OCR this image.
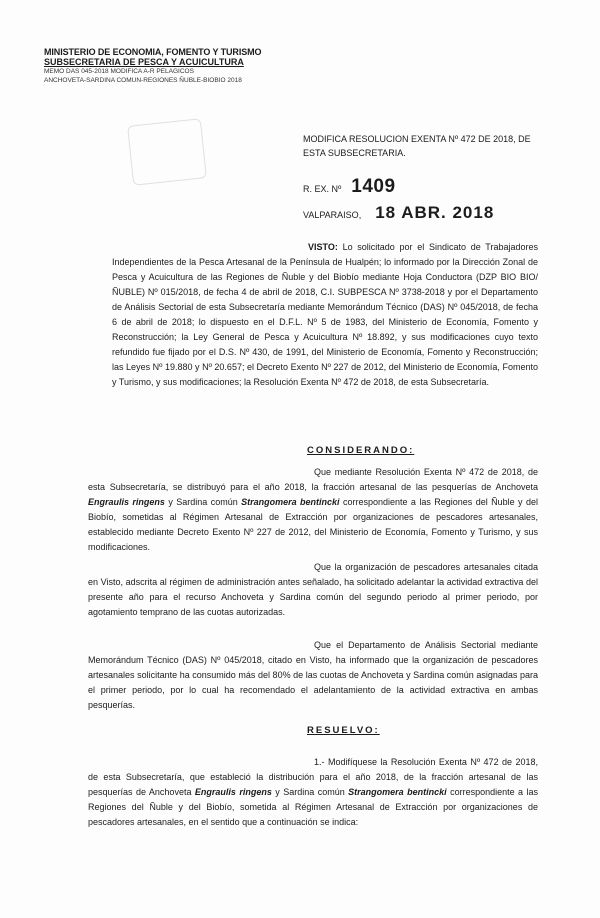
MINISTERIO DE ECONOMIA, FOMENTO Y TURISMO
SUBSECRETARIA DE PESCA Y ACUICULTURA
MEMO DAS 045-2018 MODIFICA A-R PELAGICOS
ANCHOVETA-SARDINA COMUN-REGIONES ÑUBLE-BIOBIO 2018
MODIFICA RESOLUCION EXENTA Nº 472 DE 2018, DE ESTA SUBSECRETARIA.
R. EX. Nº 1409
VALPARAISO, 18 ABR. 2018
VISTO: Lo solicitado por el Sindicato de Trabajadores Independientes de la Pesca Artesanal de la Península de Hualpén; lo informado por la Dirección Zonal de Pesca y Acuicultura de las Regiones de Ñuble y del Biobío mediante Hoja Conductora (DZP BIO BIO/ÑUBLE) Nº 015/2018, de fecha 4 de abril de 2018, C.I. SUBPESCA Nº 3738-2018 y por el Departamento de Análisis Sectorial de esta Subsecretaría mediante Memorándum Técnico (DAS) Nº 045/2018, de fecha 6 de abril de 2018; lo dispuesto en el D.F.L. Nº 5 de 1983, del Ministerio de Economía, Fomento y Reconstrucción; la Ley General de Pesca y Acuicultura Nº 18.892, y sus modificaciones cuyo texto refundido fue fijado por el D.S. Nº 430, de 1991, del Ministerio de Economía, Fomento y Reconstrucción; las Leyes Nº 19.880 y Nº 20.657; el Decreto Exento Nº 227 de 2012, del Ministerio de Economía, Fomento y Turismo, y sus modificaciones; la Resolución Exenta Nº 472 de 2018, de esta Subsecretaría.
CONSIDERANDO:
Que mediante Resolución Exenta Nº 472 de 2018, de esta Subsecretaría, se distribuyó para el año 2018, la fracción artesanal de las pesquerías de Anchoveta Engraulis ringens y Sardina común Strangomera bentincki correspondiente a las Regiones del Ñuble y del Biobío, sometidas al Régimen Artesanal de Extracción por organizaciones de pescadores artesanales, establecido mediante Decreto Exento Nº 227 de 2012, del Ministerio de Economía, Fomento y Turismo, y sus modificaciones.
Que la organización de pescadores artesanales citada en Visto, adscrita al régimen de administración antes señalado, ha solicitado adelantar la actividad extractiva del presente año para el recurso Anchoveta y Sardina común del segundo periodo al primer periodo, por agotamiento temprano de las cuotas autorizadas.
Que el Departamento de Análisis Sectorial mediante Memorándum Técnico (DAS) Nº 045/2018, citado en Visto, ha informado que la organización de pescadores artesanales solicitante ha consumido más del 80% de las cuotas de Anchoveta y Sardina común asignadas para el primer periodo, por lo cual ha recomendado el adelantamiento de la actividad extractiva en ambas pesquerías.
RESUELVO:
1.- Modifíquese la Resolución Exenta Nº 472 de 2018, de esta Subsecretaría, que estableció la distribución para el año 2018, de la fracción artesanal de las pesquerías de Anchoveta Engraulis ringens y Sardina común Strangomera bentincki correspondiente a las Regiones del Ñuble y del Biobío, sometida al Régimen Artesanal de Extracción por organizaciones de pescadores artesanales, en el sentido que a continuación se indica:
